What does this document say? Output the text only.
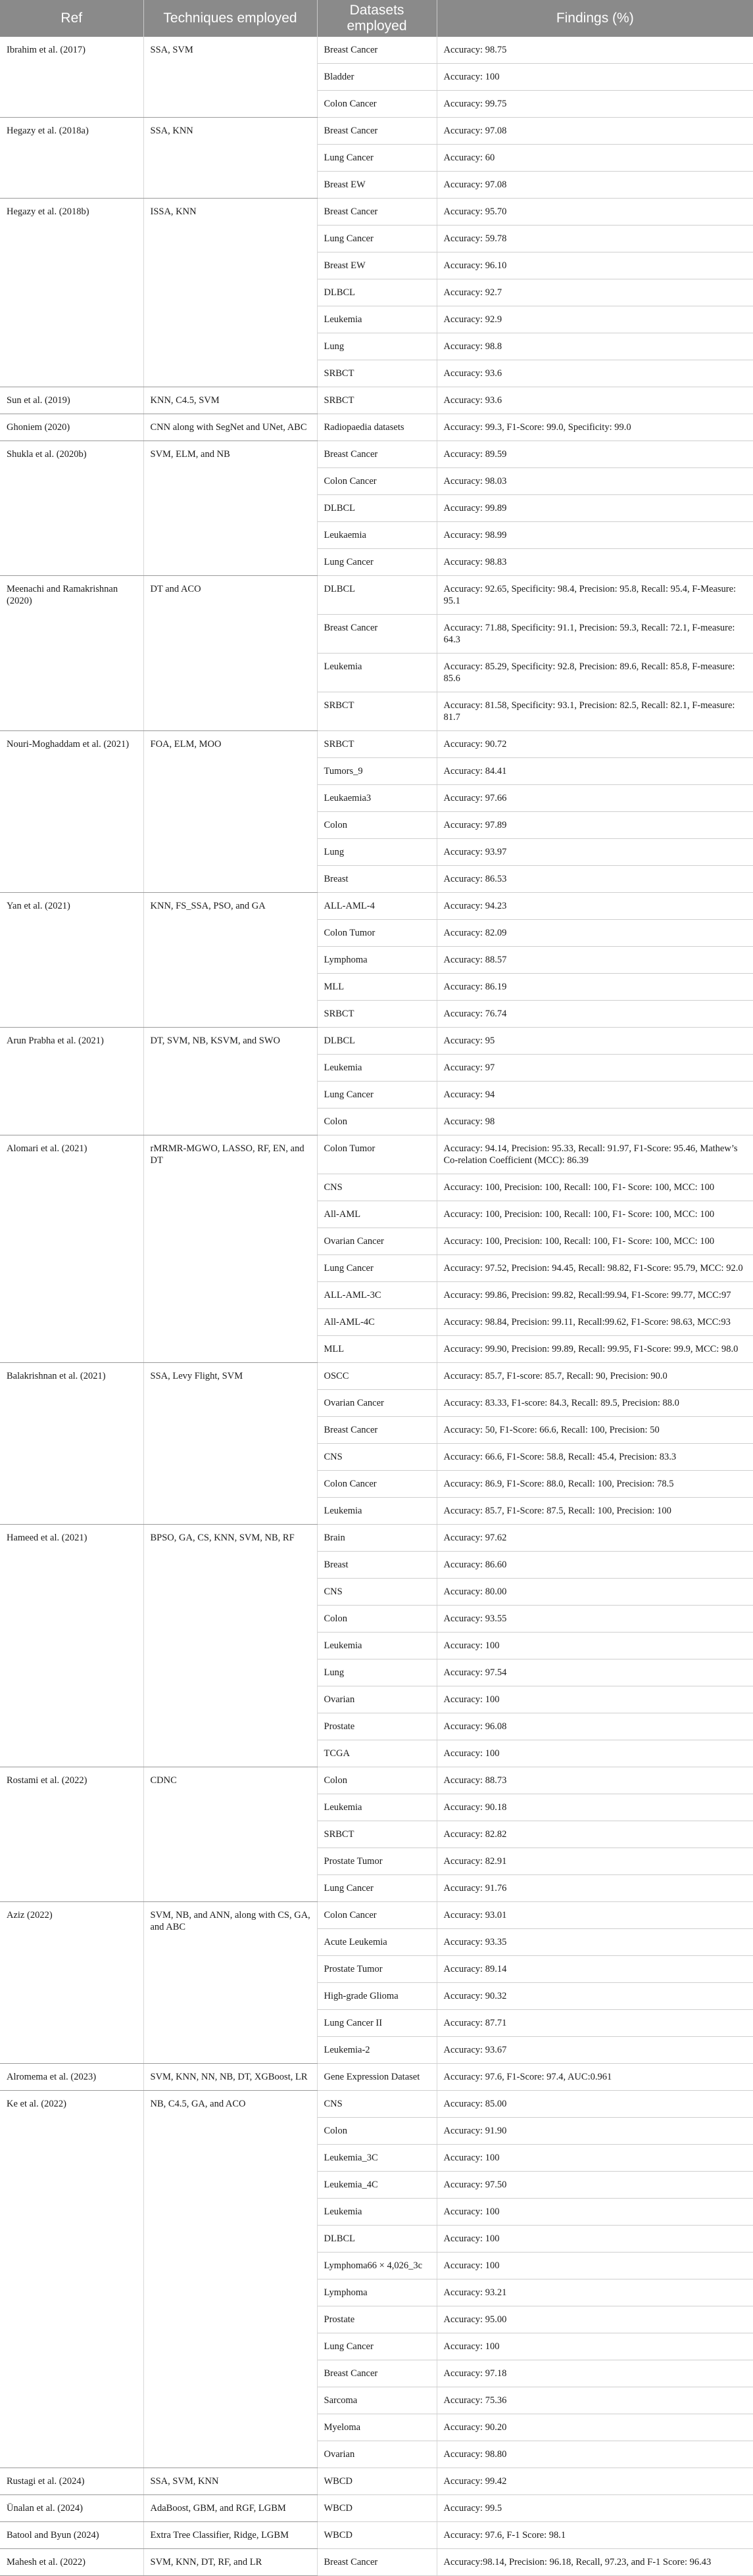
Ref	Techniques employed	Datasets employed	Findings (%)
Ibrahim et al. (2017)	SSA, SVM	Breast Cancer	Accuracy: 98.75
		Bladder	Accuracy: 100
		Colon Cancer	Accuracy: 99.75
Hegazy et al. (2018a)	SSA, KNN	Breast Cancer	Accuracy: 97.08
		Lung Cancer	Accuracy: 60
		Breast EW	Accuracy: 97.08
Hegazy et al. (2018b)	ISSA, KNN	Breast Cancer	Accuracy: 95.70
		Lung Cancer	Accuracy: 59.78
		Breast EW	Accuracy: 96.10
		DLBCL	Accuracy: 92.7
		Leukemia	Accuracy: 92.9
		Lung	Accuracy: 98.8
		SRBCT	Accuracy: 93.6
Sun et al. (2019)	KNN, C4.5, SVM	SRBCT	Accuracy: 93.6
Ghoniem (2020)	CNN along with SegNet and UNet, ABC	Radiopaedia datasets	Accuracy: 99.3, F1-Score: 99.0, Specificity: 99.0
Shukla et al. (2020b)	SVM, ELM, and NB	Breast Cancer	Accuracy: 89.59
		Colon Cancer	Accuracy: 98.03
		DLBCL	Accuracy: 99.89
		Leukaemia	Accuracy: 98.99
		Lung Cancer	Accuracy: 98.83
Meenachi and Ramakrishnan (2020)	DT and ACO	DLBCL	Accuracy: 92.65, Specificity: 98.4, Precision: 95.8, Recall: 95.4, F-Measure: 95.1
		Breast Cancer	Accuracy: 71.88, Specificity: 91.1, Precision: 59.3, Recall: 72.1, F-measure: 64.3
		Leukemia	Accuracy: 85.29, Specificity: 92.8, Precision: 89.6, Recall: 85.8, F-measure: 85.6
		SRBCT	Accuracy: 81.58, Specificity: 93.1, Precision: 82.5, Recall: 82.1, F-measure: 81.7
Nouri-Moghaddam et al. (2021)	FOA, ELM, MOO	SRBCT	Accuracy: 90.72
		Tumors_9	Accuracy: 84.41
		Leukaemia3	Accuracy: 97.66
		Colon	Accuracy: 97.89
		Lung	Accuracy: 93.97
		Breast	Accuracy: 86.53
Yan et al. (2021)	KNN, FS_SSA, PSO, and GA	ALL-AML-4	Accuracy: 94.23
		Colon Tumor	Accuracy: 82.09
		Lymphoma	Accuracy: 88.57
		MLL	Accuracy: 86.19
		SRBCT	Accuracy: 76.74
Arun Prabha et al. (2021)	DT, SVM, NB, KSVM, and SWO	DLBCL	Accuracy: 95
		Leukemia	Accuracy: 97
		Lung Cancer	Accuracy: 94
		Colon	Accuracy: 98
Alomari et al. (2021)	rMRMR-MGWO, LASSO, RF, EN, and DT	Colon Tumor	Accuracy: 94.14, Precision: 95.33, Recall: 91.97, F1-Score: 95.46, Mathew’s Co-relation Coefficient (MCC): 86.39
		CNS	Accuracy: 100, Precision: 100, Recall: 100, F1- Score: 100, MCC: 100
		All-AML	Accuracy: 100, Precision: 100, Recall: 100, F1- Score: 100, MCC: 100
		Ovarian Cancer	Accuracy: 100, Precision: 100, Recall: 100, F1- Score: 100, MCC: 100
		Lung Cancer	Accuracy: 97.52, Precision: 94.45, Recall: 98.82, F1-Score: 95.79, MCC: 92.0
		ALL-AML-3C	Accuracy: 99.86, Precision: 99.82, Recall:99.94, F1-Score: 99.77, MCC:97
		All-AML-4C	Accuracy: 98.84, Precision: 99.11, Recall:99.62, F1-Score: 98.63, MCC:93
		MLL	Accuracy: 99.90, Precision: 99.89, Recall: 99.95, F1-Score: 99.9, MCC: 98.0
Balakrishnan et al. (2021)	SSA, Levy Flight, SVM	OSCC	Accuracy: 85.7, F1-score: 85.7, Recall: 90, Precision: 90.0
		Ovarian Cancer	Accuracy: 83.33, F1-score: 84.3, Recall: 89.5, Precision: 88.0
		Breast Cancer	Accuracy: 50, F1-Score: 66.6, Recall: 100, Precision: 50
		CNS	Accuracy: 66.6, F1-Score: 58.8, Recall: 45.4, Precision: 83.3
		Colon Cancer	Accuracy: 86.9, F1-Score: 88.0, Recall: 100, Precision: 78.5
		Leukemia	Accuracy: 85.7, F1-Score: 87.5, Recall: 100, Precision: 100
Hameed et al. (2021)	BPSO, GA, CS, KNN, SVM, NB, RF	Brain	Accuracy: 97.62
		Breast	Accuracy: 86.60
		CNS	Accuracy: 80.00
		Colon	Accuracy: 93.55
		Leukemia	Accuracy: 100
		Lung	Accuracy: 97.54
		Ovarian	Accuracy: 100
		Prostate	Accuracy: 96.08
		TCGA	Accuracy: 100
Rostami et al. (2022)	CDNC	Colon	Accuracy: 88.73
		Leukemia	Accuracy: 90.18
		SRBCT	Accuracy: 82.82
		Prostate Tumor	Accuracy: 82.91
		Lung Cancer	Accuracy: 91.76
Aziz (2022)	SVM, NB, and ANN, along with CS, GA, and ABC	Colon Cancer	Accuracy: 93.01
		Acute Leukemia	Accuracy: 93.35
		Prostate Tumor	Accuracy: 89.14
		High-grade Glioma	Accuracy: 90.32
		Lung Cancer II	Accuracy: 87.71
		Leukemia-2	Accuracy: 93.67
Alromema et al. (2023)	SVM, KNN, NN, NB, DT, XGBoost, LR	Gene Expression Dataset	Accuracy: 97.6, F1-Score: 97.4, AUC:0.961
Ke et al. (2022)	NB, C4.5, GA, and ACO	CNS	Accuracy: 85.00
		Colon	Accuracy: 91.90
		Leukemia_3C	Accuracy: 100
		Leukemia_4C	Accuracy: 97.50
		Leukemia	Accuracy: 100
		DLBCL	Accuracy: 100
		Lymphoma66 × 4,026_3c	Accuracy: 100
		Lymphoma	Accuracy: 93.21
		Prostate	Accuracy: 95.00
		Lung Cancer	Accuracy: 100
		Breast Cancer	Accuracy: 97.18
		Sarcoma	Accuracy: 75.36
		Myeloma	Accuracy: 90.20
		Ovarian	Accuracy: 98.80
Rustagi et al. (2024)	SSA, SVM, KNN	WBCD	Accuracy: 99.42
Ünalan et al. (2024)	AdaBoost, GBM, and RGF, LGBM	WBCD	Accuracy: 99.5
Batool and Byun (2024)	Extra Tree Classifier, Ridge, LGBM	WBCD	Accuracy: 97.6, F-1 Score: 98.1
Mahesh et al. (2022)	SVM, KNN, DT, RF, and LR	Breast Cancer	Accuracy:98.14, Precision: 96.18, Recall, 97.23, and F-1 Score: 96.43
